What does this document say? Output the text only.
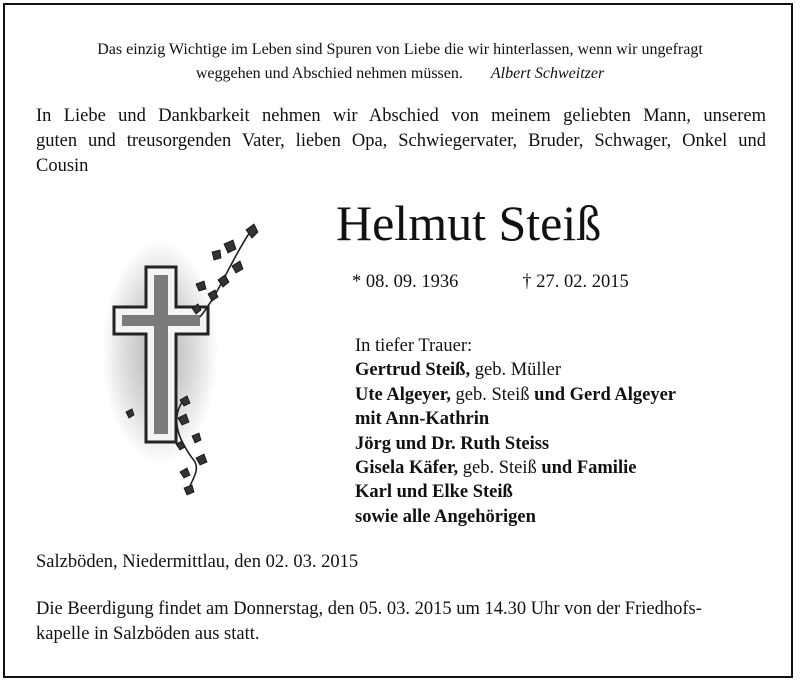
Das einzig Wichtige im Leben sind Spuren von Liebe die wir hinterlassen, wenn wir ungefragt
weggehen und Abschied nehmen müssen. Albert Schweitzer
In Liebe und Dankbarkeit nehmen wir Abschied von meinem geliebten Mann, unserem
guten und treusorgenden Vater, lieben Opa, Schwiegervater, Bruder, Schwager, Onkel und
Cousin
Helmut Steiß
* 08. 09. 1936	† 27. 02. 2015
In tiefer Trauer:
Gertrud Steiß, geb. Müller
Ute Algeyer, geb. Steiß und Gerd Algeyer
mit Ann-Kathrin
Jörg und Dr. Ruth Steiss
Gisela Käfer, geb. Steiß und Familie
Karl und Elke Steiß
sowie alle Angehörigen
Salzböden, Niedermittlau, den 02. 03. 2015
Die Beerdigung findet am Donnerstag, den 05. 03. 2015 um 14.30 Uhr von der Friedhofs-
kapelle in Salzböden aus statt.
